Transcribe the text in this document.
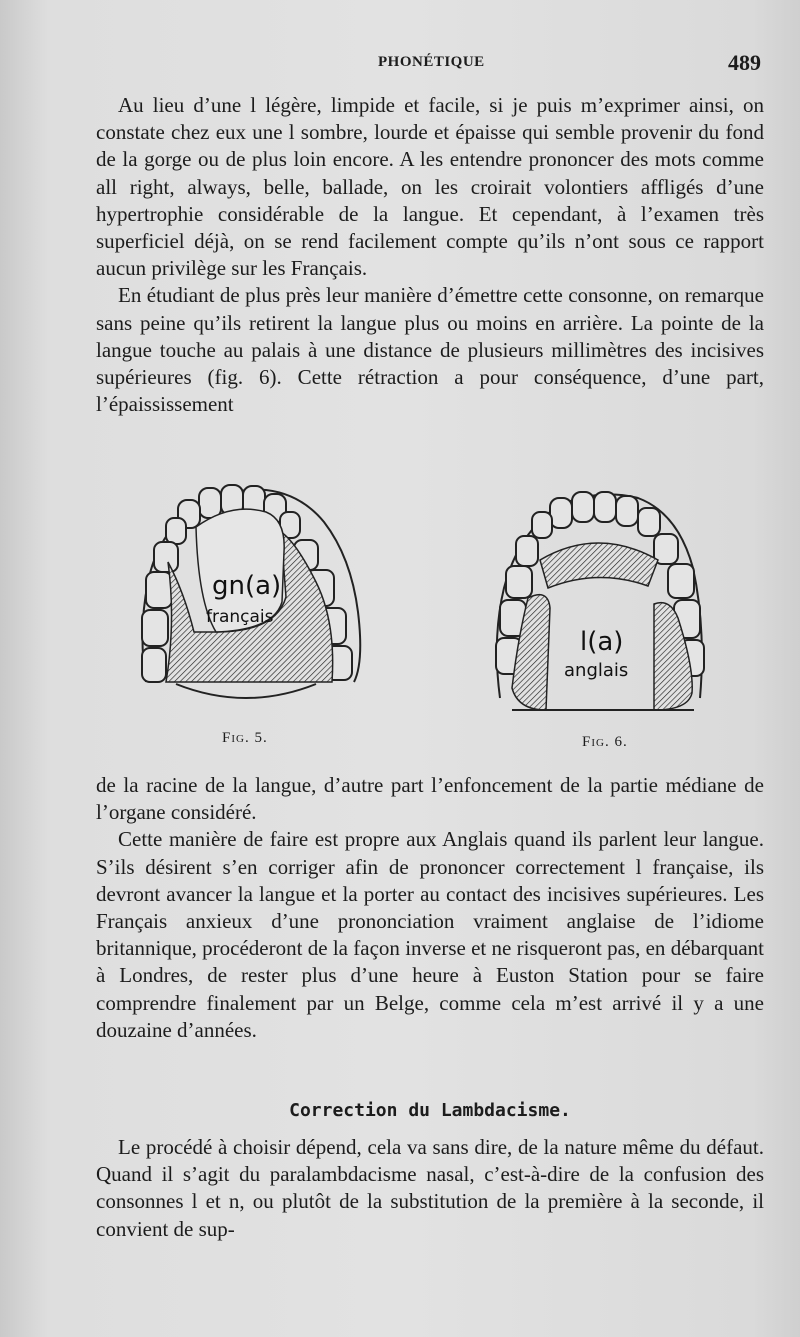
PHONÉTIQUE	489

Au lieu d’une l légère, limpide et facile, si je puis m’exprimer ainsi, on constate chez eux une l sombre, lourde et épaisse qui semble provenir du fond de la gorge ou de plus loin encore. A les entendre prononcer des mots comme all right, always, belle, ballade, on les croirait volontiers affligés d’une hypertrophie considérable de la langue. Et cependant, à l’examen très superficiel déjà, on se rend facilement compte qu’ils n’ont sous ce rapport aucun privilège sur les Français.

En étudiant de plus près leur manière d’émettre cette consonne, on remarque sans peine qu’ils retirent la langue plus ou moins en arrière. La pointe de la langue touche au palais à une distance de plusieurs millimètres des incisives supérieures (fig. 6). Cette rétraction a pour conséquence, d’une part, l’épaississement

gn(a)
français
Fig. 5.
l(a)
anglais
Fig. 6.

de la racine de la langue, d’autre part l’enfoncement de la partie médiane de l’organe considéré.

Cette manière de faire est propre aux Anglais quand ils parlent leur langue. S’ils désirent s’en corriger afin de prononcer correctement l française, ils devront avancer la langue et la porter au contact des incisives supérieures. Les Français anxieux d’une prononciation vraiment anglaise de l’idiome britannique, procéderont de la façon inverse et ne risqueront pas, en débarquant à Londres, de rester plus d’une heure à Euston Station pour se faire comprendre finalement par un Belge, comme cela m’est arrivé il y a une douzaine d’années.

Correction du Lambdacisme.

Le procédé à choisir dépend, cela va sans dire, de la nature même du défaut. Quand il s’agit du paralambdacisme nasal, c’est-à-dire de la confusion des consonnes l et n, ou plutôt de la substitution de la première à la seconde, il convient de sup-
